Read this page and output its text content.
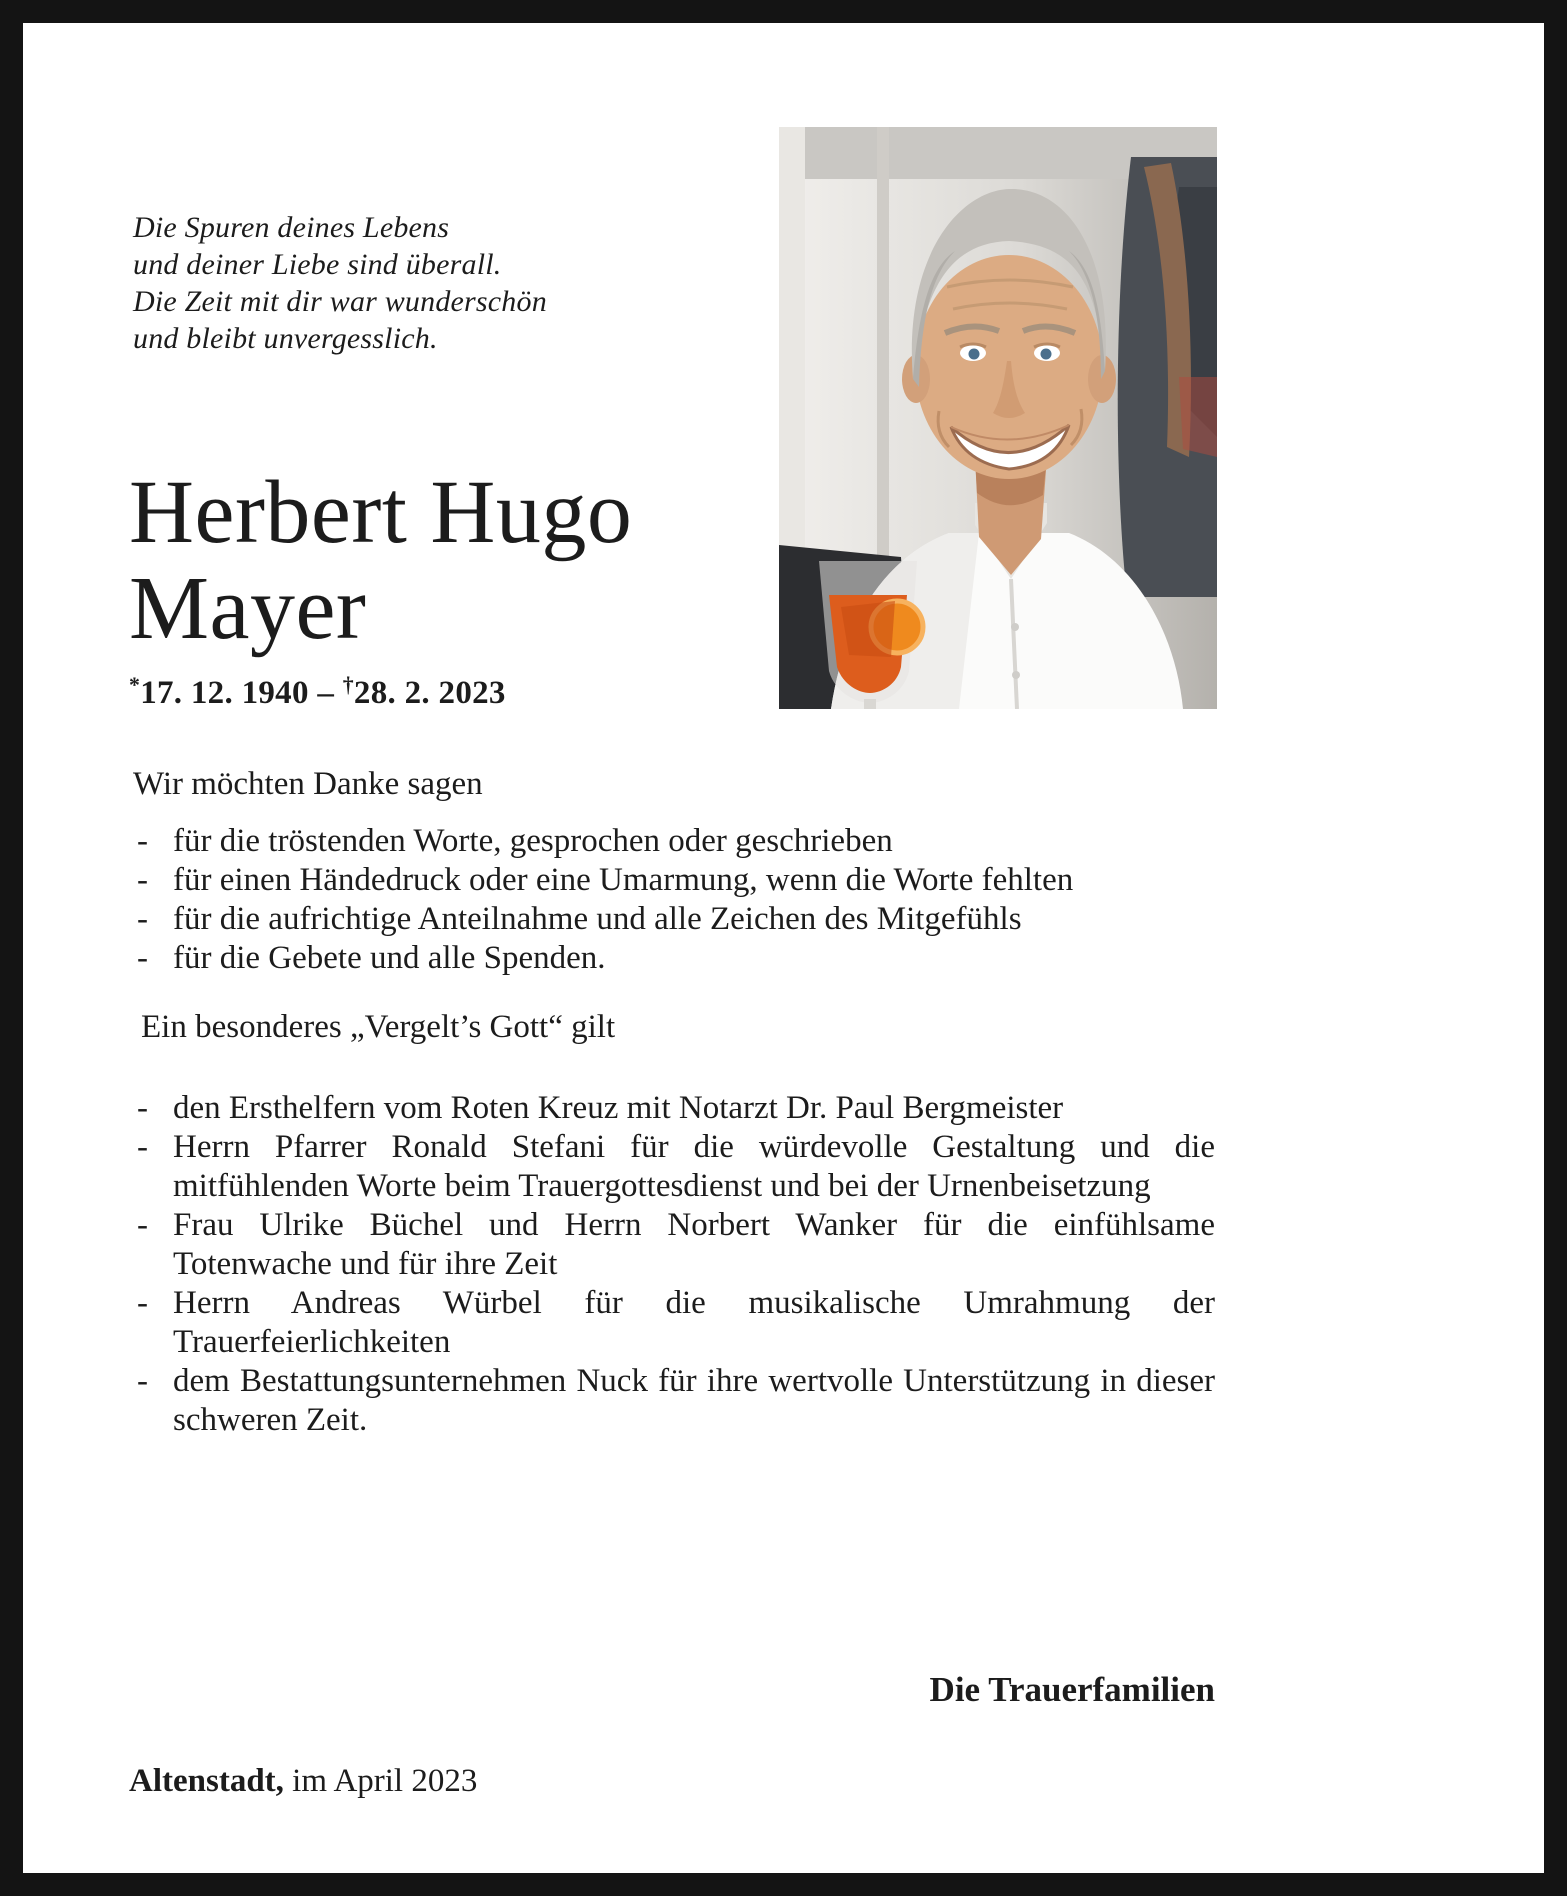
Die Spuren deines Lebens
und deiner Liebe sind überall.
Die Zeit mit dir war wunderschön
und bleibt unvergesslich.
Herbert Hugo
Mayer
*17. 12. 1940 – †28. 2. 2023

Wir möchten Danke sagen

- für die tröstenden Worte, gesprochen oder geschrieben
- für einen Händedruck oder eine Umarmung, wenn die Worte fehlten
- für die aufrichtige Anteilnahme und alle Zeichen des Mitgefühls
- für die Gebete und alle Spenden.

Ein besonderes „Vergelt’s Gott“ gilt

- den Ersthelfern vom Roten Kreuz mit Notarzt Dr. Paul Bergmeister
- Herrn Pfarrer Ronald Stefani für die würdevolle Gestaltung und die mitfühlenden Worte beim Trauergottesdienst und bei der Urnenbeisetzung
- Frau Ulrike Büchel und Herrn Norbert Wanker für die einfühlsame Totenwache und für ihre Zeit
- Herrn Andreas Würbel für die musikalische Umrahmung der Trauerfeierlichkeiten
- dem Bestattungsunternehmen Nuck für ihre wertvolle Unterstützung in dieser schweren Zeit.

Die Trauerfamilien

Altenstadt, im April 2023
